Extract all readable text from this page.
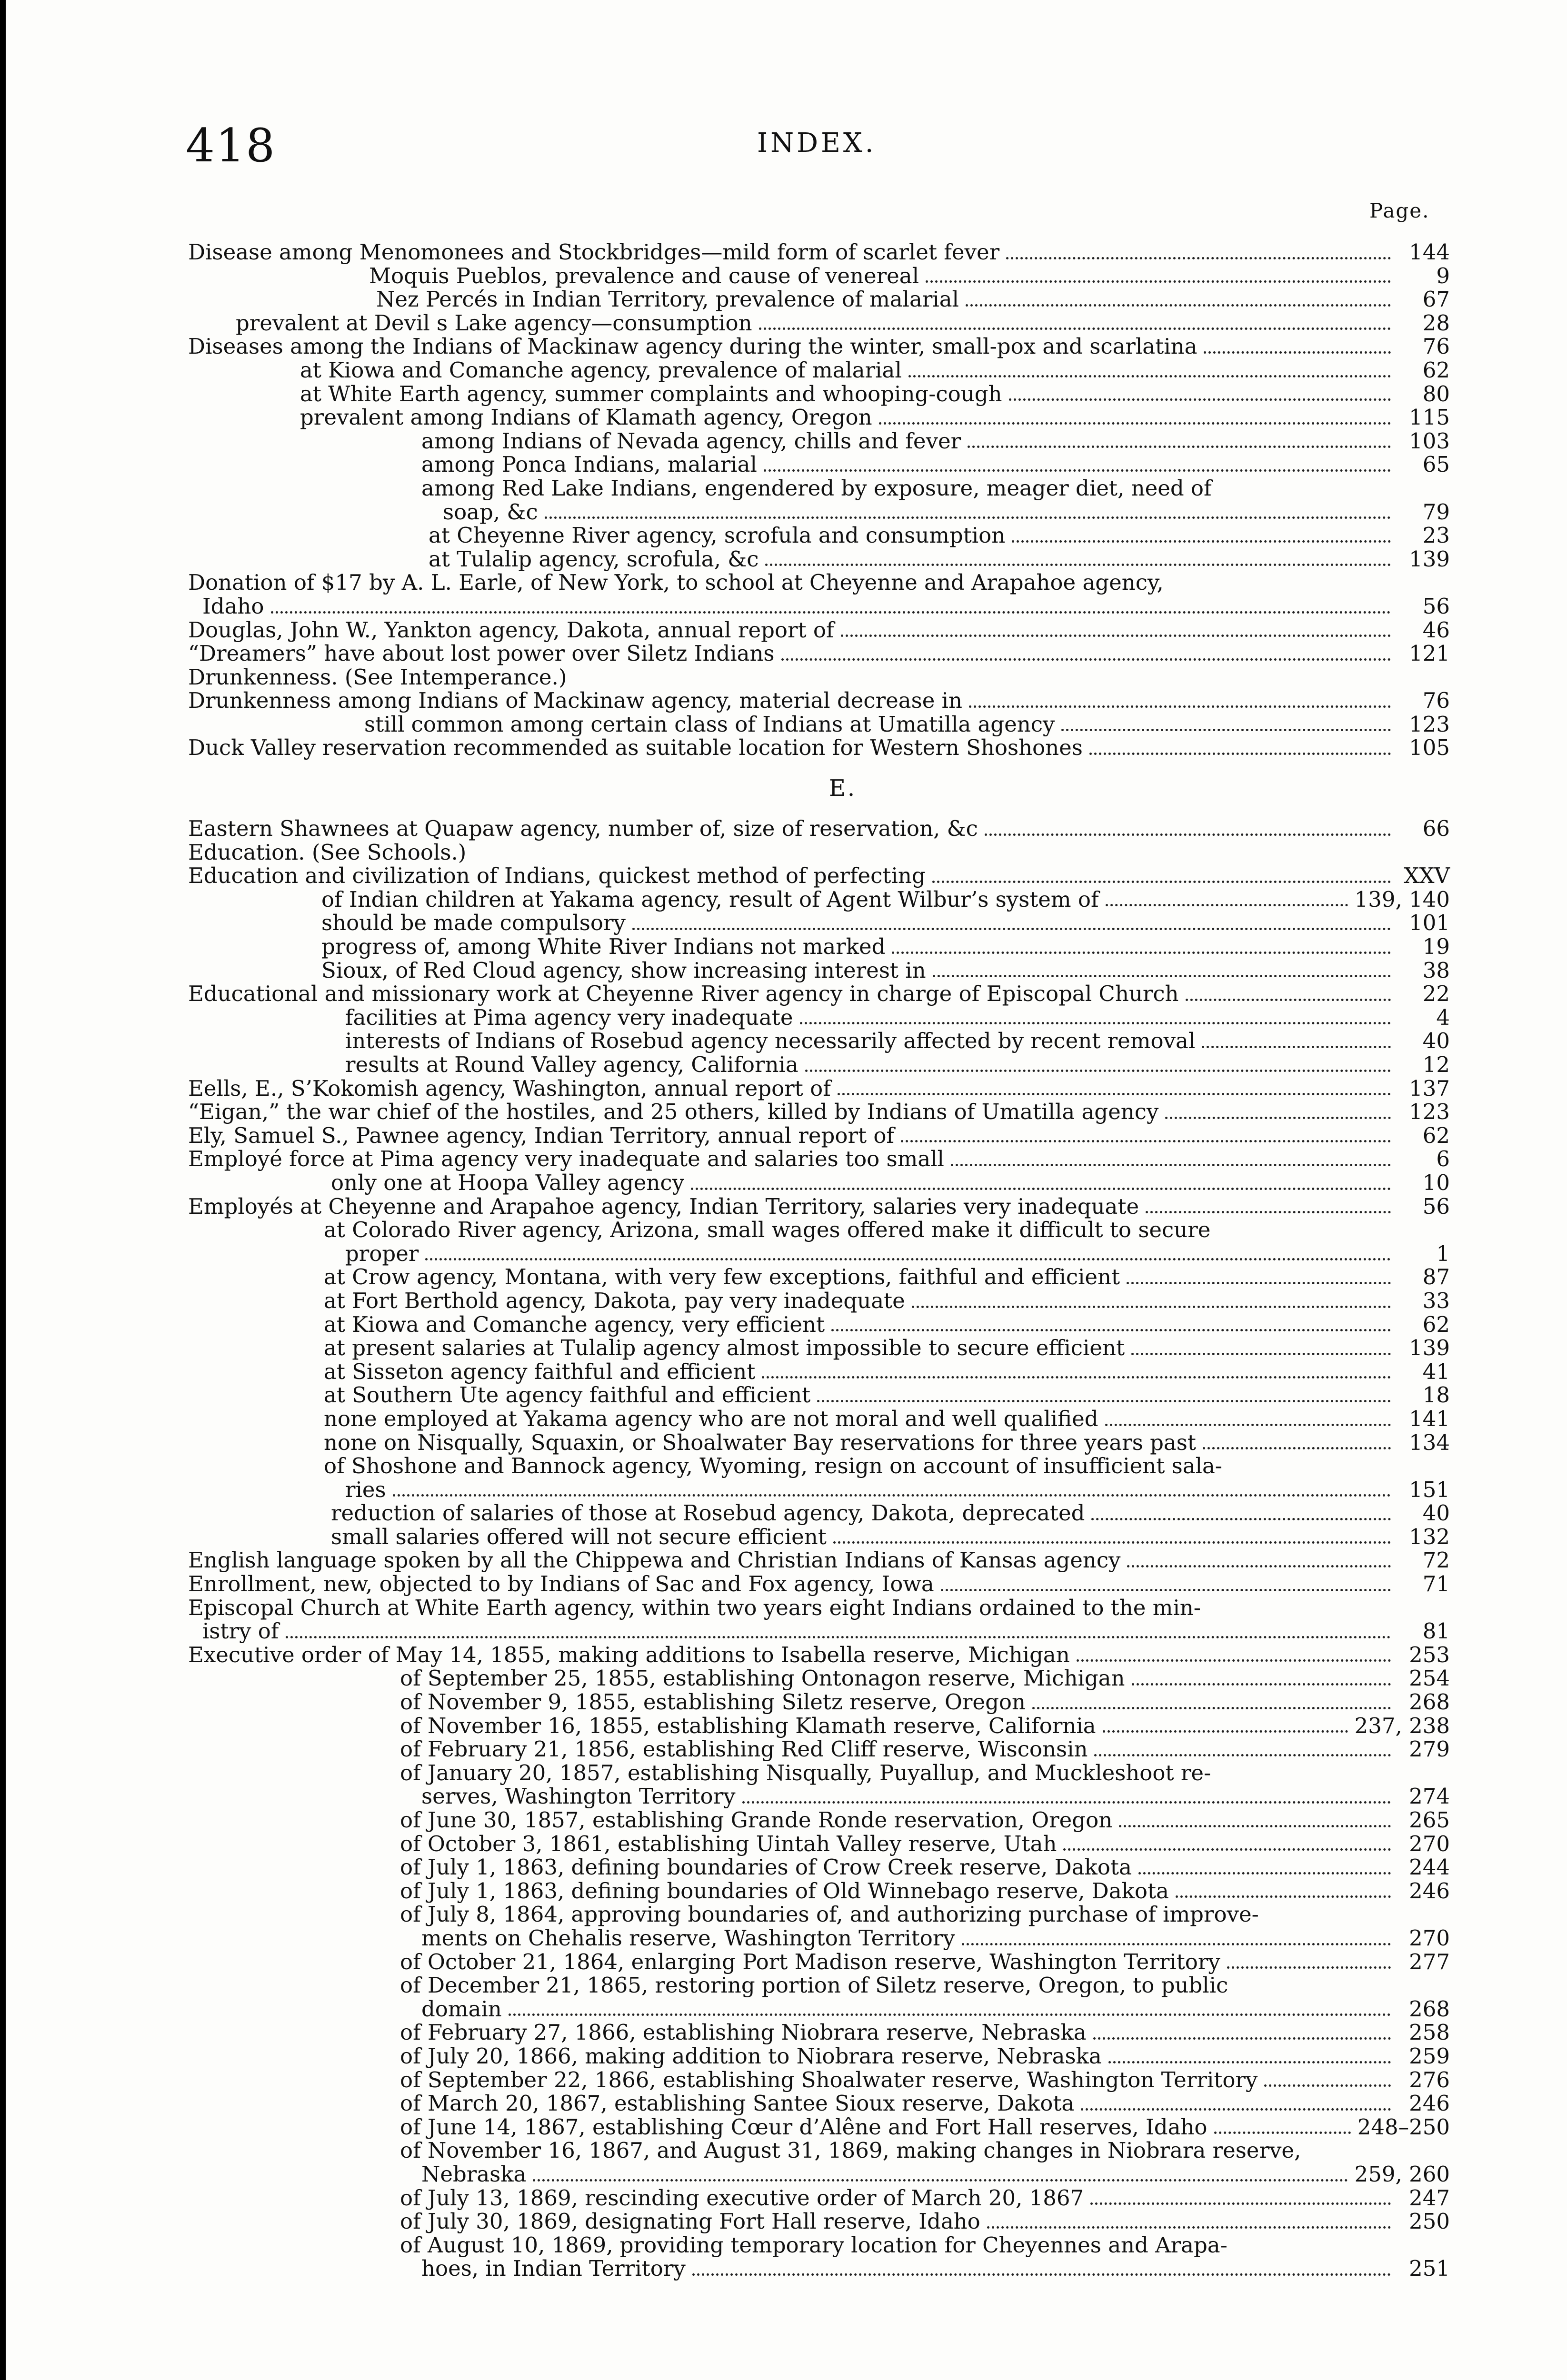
418	INDEX.
Page.
Disease among Menomonees and Stockbridges—mild form of scarlet fever	144
Moquis Pueblos, prevalence and cause of venereal	9
Nez Percés in Indian Territory, prevalence of malarial	67
prevalent at Devil s Lake agency—consumption	28
Diseases among the Indians of Mackinaw agency during the winter, small-pox and scarlatina	76
at Kiowa and Comanche agency, prevalence of malarial	62
at White Earth agency, summer complaints and whooping-cough	80
prevalent among Indians of Klamath agency, Oregon	115
among Indians of Nevada agency, chills and fever	103
among Ponca Indians, malarial	65
among Red Lake Indians, engendered by exposure, meager diet, need of
soap, &c	79
at Cheyenne River agency, scrofula and consumption	23
at Tulalip agency, scrofula, &c	139
Donation of $17 by A. L. Earle, of New York, to school at Cheyenne and Arapahoe agency,
Idaho	56
Douglas, John W., Yankton agency, Dakota, annual report of	46
“Dreamers” have about lost power over Siletz Indians	121
Drunkenness. (See Intemperance.)
Drunkenness among Indians of Mackinaw agency, material decrease in	76
still common among certain class of Indians at Umatilla agency	123
Duck Valley reservation recommended as suitable location for Western Shoshones	105
E.
Eastern Shawnees at Quapaw agency, number of, size of reservation, &c	66
Education. (See Schools.)
Education and civilization of Indians, quickest method of perfecting	XXV
of Indian children at Yakama agency, result of Agent Wilbur’s system of	139, 140
should be made compulsory	101
progress of, among White River Indians not marked	19
Sioux, of Red Cloud agency, show increasing interest in	38
Educational and missionary work at Cheyenne River agency in charge of Episcopal Church	22
facilities at Pima agency very inadequate	4
interests of Indians of Rosebud agency necessarily affected by recent removal	40
results at Round Valley agency, California	12
Eells, E., S’Kokomish agency, Washington, annual report of	137
“Eigan,” the war chief of the hostiles, and 25 others, killed by Indians of Umatilla agency	123
Ely, Samuel S., Pawnee agency, Indian Territory, annual report of	62
Employé force at Pima agency very inadequate and salaries too small	6
only one at Hoopa Valley agency	10
Employés at Cheyenne and Arapahoe agency, Indian Territory, salaries very inadequate	56
at Colorado River agency, Arizona, small wages offered make it difficult to secure
proper	1
at Crow agency, Montana, with very few exceptions, faithful and efficient	87
at Fort Berthold agency, Dakota, pay very inadequate	33
at Kiowa and Comanche agency, very efficient	62
at present salaries at Tulalip agency almost impossible to secure efficient	139
at Sisseton agency faithful and efficient	41
at Southern Ute agency faithful and efficient	18
none employed at Yakama agency who are not moral and well qualified	141
none on Nisqually, Squaxin, or Shoalwater Bay reservations for three years past	134
of Shoshone and Bannock agency, Wyoming, resign on account of insufficient sala-
ries	151
reduction of salaries of those at Rosebud agency, Dakota, deprecated	40
small salaries offered will not secure efficient	132
English language spoken by all the Chippewa and Christian Indians of Kansas agency	72
Enrollment, new, objected to by Indians of Sac and Fox agency, Iowa	71
Episcopal Church at White Earth agency, within two years eight Indians ordained to the min-
istry of	81
Executive order of May 14, 1855, making additions to Isabella reserve, Michigan	253
of September 25, 1855, establishing Ontonagon reserve, Michigan	254
of November 9, 1855, establishing Siletz reserve, Oregon	268
of November 16, 1855, establishing Klamath reserve, California	237, 238
of February 21, 1856, establishing Red Cliff reserve, Wisconsin	279
of January 20, 1857, establishing Nisqually, Puyallup, and Muckleshoot re-
serves, Washington Territory	274
of June 30, 1857, establishing Grande Ronde reservation, Oregon	265
of October 3, 1861, establishing Uintah Valley reserve, Utah	270
of July 1, 1863, defining boundaries of Crow Creek reserve, Dakota	244
of July 1, 1863, defining boundaries of Old Winnebago reserve, Dakota	246
of July 8, 1864, approving boundaries of, and authorizing purchase of improve-
ments on Chehalis reserve, Washington Territory	270
of October 21, 1864, enlarging Port Madison reserve, Washington Territory	277
of December 21, 1865, restoring portion of Siletz reserve, Oregon, to public
domain	268
of February 27, 1866, establishing Niobrara reserve, Nebraska	258
of July 20, 1866, making addition to Niobrara reserve, Nebraska	259
of September 22, 1866, establishing Shoalwater reserve, Washington Territory	276
of March 20, 1867, establishing Santee Sioux reserve, Dakota	246
of June 14, 1867, establishing Cœur d’Alêne and Fort Hall reserves, Idaho	248–250
of November 16, 1867, and August 31, 1869, making changes in Niobrara reserve,
Nebraska	259, 260
of July 13, 1869, rescinding executive order of March 20, 1867	247
of July 30, 1869, designating Fort Hall reserve, Idaho	250
of August 10, 1869, providing temporary location for Cheyennes and Arapa-
hoes, in Indian Territory	251
